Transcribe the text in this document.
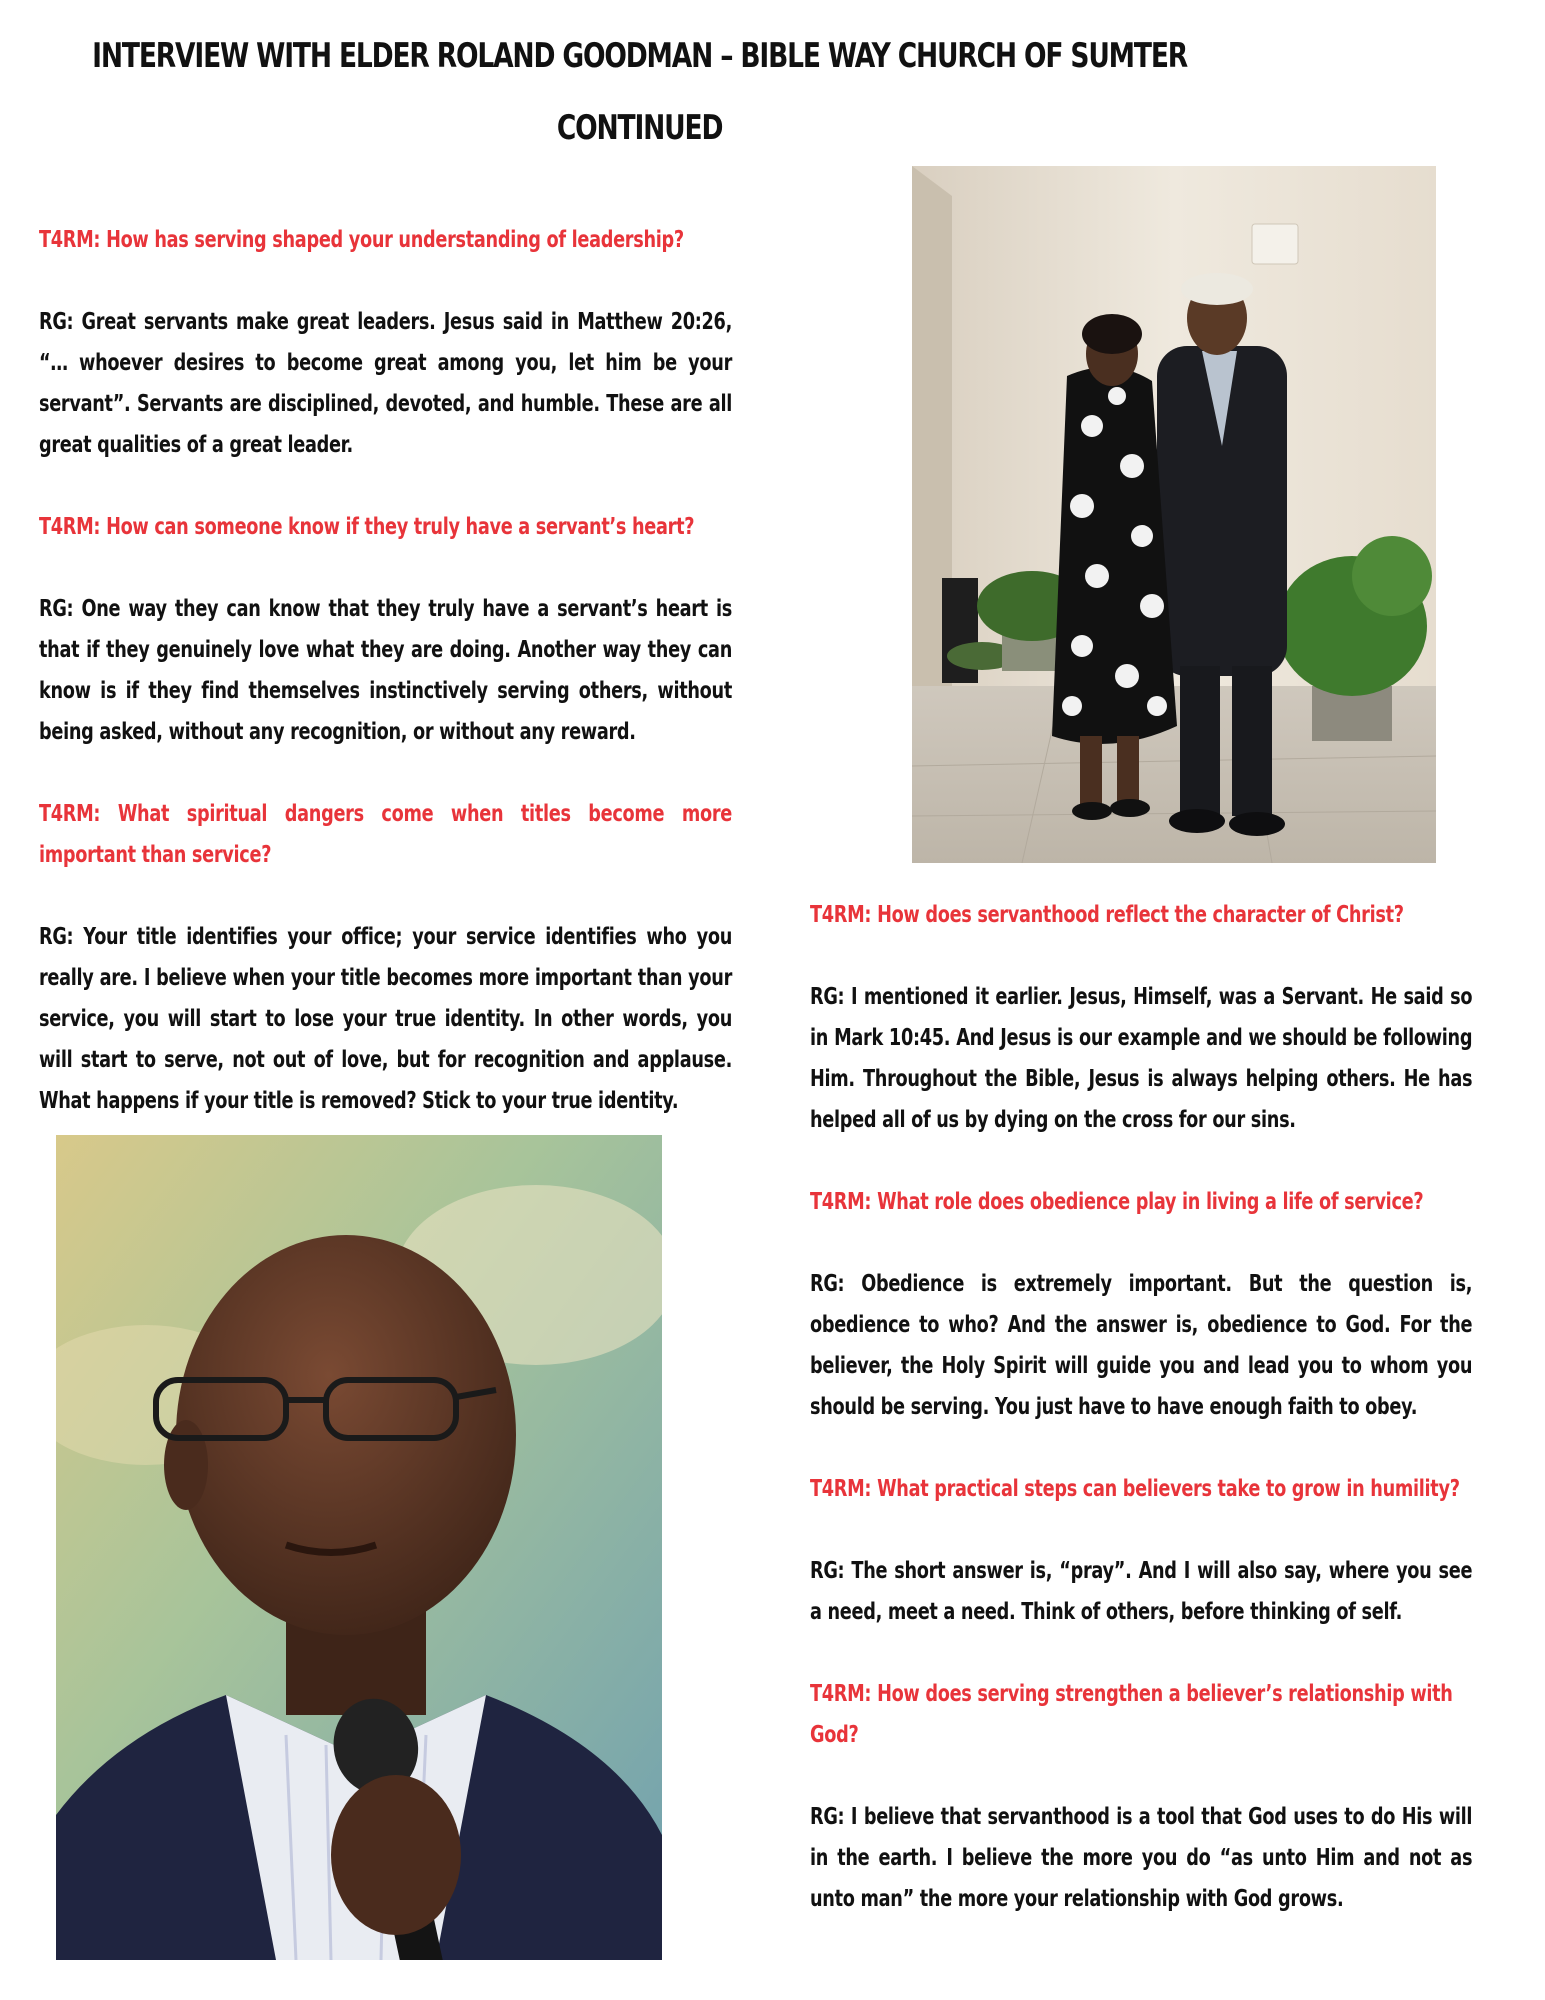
INTERVIEW WITH ELDER ROLAND GOODMAN – BIBLE WAY CHURCH OF SUMTER
CONTINUED

T4RM: How has serving shaped your understanding of leadership?

RG: Great servants make great leaders. Jesus said in Matthew 20:26, “… whoever desires to become great among you, let him be your servant”. Servants are disciplined, devoted, and humble. These are all great qualities of a great leader.

T4RM: How can someone know if they truly have a servant’s heart?

RG: One way they can know that they truly have a servant’s heart is that if they genuinely love what they are doing. Another way they can know is if they find themselves instinctively serving others, without being asked, without any recognition, or without any reward.

T4RM: What spiritual dangers come when titles become more important than service?

RG: Your title identifies your office; your service identifies who you really are. I believe when your title becomes more important than your service, you will start to lose your true identity. In other words, you will start to serve, not out of love, but for recognition and applause. What happens if your title is removed? Stick to your true identity.

T4RM: How does servanthood reflect the character of Christ?

RG: I mentioned it earlier. Jesus, Himself, was a Servant. He said so in Mark 10:45. And Jesus is our example and we should be following Him. Throughout the Bible, Jesus is always helping others. He has helped all of us by dying on the cross for our sins.

T4RM: What role does obedience play in living a life of service?

RG: Obedience is extremely important. But the question is, obedience to who? And the answer is, obedience to God. For the believer, the Holy Spirit will guide you and lead you to whom you should be serving. You just have to have enough faith to obey.

T4RM: What practical steps can believers take to grow in humility?

RG: The short answer is, “pray”. And I will also say, where you see a need, meet a need. Think of others, before thinking of self.

T4RM: How does serving strengthen a believer’s relationship with God?

RG: I believe that servanthood is a tool that God uses to do His will in the earth. I believe the more you do “as unto Him and not as unto man” the more your relationship with God grows.
